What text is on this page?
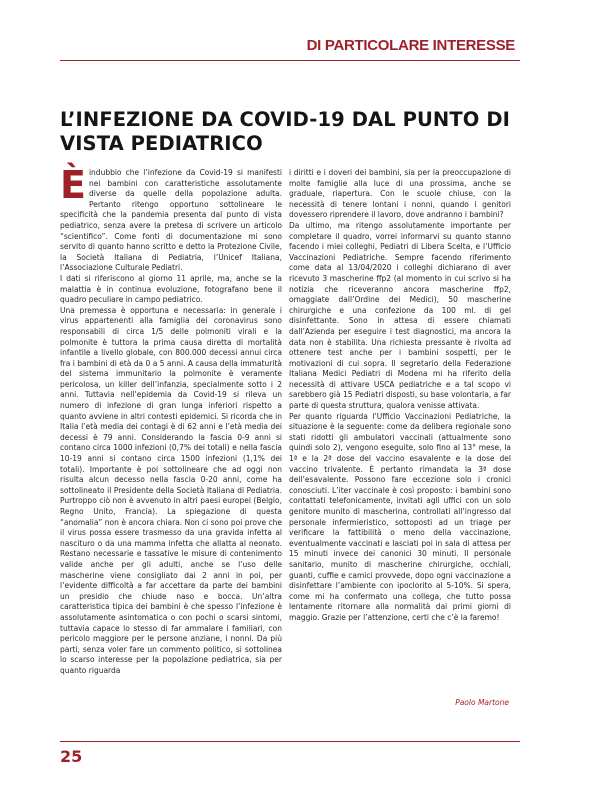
DI PARTICOLARE INTERESSE
L’INFEZIONE DA COVID-19 DAL PUNTO DI VISTA PEDIATRICO

È indubbio che l’infezione da Covid-19 si manifesti nei bambini con caratteristiche assolutamente diverse da quelle della popolazione adulta. Pertanto ritengo opportuno sottolineare le specificità che la pandemia presenta dal punto di vista pediatrico, senza avere la pretesa di scrivere un articolo “scientifico”. Come fonti di documentazione mi sono servito di quanto hanno scritto e detto la Protezione Civile, la Società Italiana di Pediatria, l’Unicef Italiana, l’Associazione Culturale Pediatri.

I dati si riferiscono al giorno 11 aprile, ma, anche se la malattia è in continua evoluzione, fotografano bene il quadro peculiare in campo pediatrico.

Una premessa è opportuna e necessaria: in generale i virus appartenenti alla famiglia dei coronavirus sono responsabili di circa 1/5 delle polmoniti virali e la polmonite è tuttora la prima causa diretta di mortalità infantile a livello globale, con 800.000 decessi annui circa fra i bambini di età da 0 a 5 anni. A causa della immaturità del sistema immunitario la polmonite è veramente pericolosa, un killer dell’infanzia, specialmente sotto i 2 anni. Tuttavia nell’epidemia da Covid-19 si rileva un numero di infezione di gran lunga inferiori rispetto a quanto avviene in altri contesti epidemici. Si ricorda che in Italia l’età media dei contagi è di 62 anni e l’età media dei decessi è 79 anni. Considerando la fascia 0-9 anni si contano circa 1000 infezioni (0,7% dei totali) e nella fascia 10-19 anni si contano circa 1500 infezioni (1,1% dei totali). Importante è poi sottolineare che ad oggi non risulta alcun decesso nella fascia 0-20 anni, come ha sottolineato il Presidente della Società Italiana di Pediatria. Purtroppo ciò non è avvenuto in altri paesi europei (Belgio, Regno Unito, Francia). La spiegazione di questa “anomalia” non è ancora chiara. Non ci sono poi prove che il virus possa essere trasmesso da una gravida infetta al nascituro o da una mamma infetta che allatta al neonato. Restano necessarie e tassative le misure di contenimento valide anche per gli adulti, anche se l’uso delle mascherine viene consigliato dai 2 anni in poi, per l’evidente difficoltà a far accettare da parte dei bambini un presidio che chiude naso e bocca. Un’altra caratteristica tipica dei bambini è che spesso l’infezione è assolutamente asintomatica o con pochi o scarsi sintomi, tuttavia capace lo stesso di far ammalare i familiari, con pericolo maggiore per le persone anziane, i nonni. Da più parti, senza voler fare un commento politico, si sottolinea lo scarso interesse per la popolazione pediatrica, sia per quanto riguarda

i diritti e i doveri dei bambini, sia per la preoccupazione di molte famiglie alla luce di una prossima, anche se graduale, riapertura. Con le scuole chiuse, con la necessità di tenere lontani i nonni, quando i genitori dovessero riprendere il lavoro, dove andranno i bambini?

Da ultimo, ma ritengo assolutamente importante per completare il quadro, vorrei informarvi su quanto stanno facendo i miei colleghi, Pediatri di Libera Scelta, e l’Ufficio Vaccinazioni Pediatriche. Sempre facendo riferimento come data al 13/04/2020 i colleghi dichiarano di aver ricevuto 3 mascherine ffp2 (al momento in cui scrivo si ha notizia che riceveranno ancora mascherine ffp2, omaggiate dall’Ordine dei Medici), 50 mascherine chirurgiche e una confezione da 100 ml. di gel disinfettante. Sono in attesa di essere chiamati dall’Azienda per eseguire i test diagnostici, ma ancora la data non è stabilita. Una richiesta pressante è rivolta ad ottenere test anche per i bambini sospetti, per le motivazioni di cui sopra. Il segretario della Federazione Italiana Medici Pediatri di Modena mi ha riferito della necessità di attivare USCA pediatriche e a tal scopo vi sarebbero già 15 Pediatri disposti, su base volontaria, a far parte di questa struttura, qualora venisse attivata.

Per quanto riguarda l’Ufficio Vaccinazioni Pediatriche, la situazione è la seguente: come da delibera regionale sono stati ridotti gli ambulatori vaccinali (attualmente sono quindi solo 2), vengono eseguite, solo fino al 13° mese, la 1ª e la 2ª dose del vaccino esavalente e la dose del vaccino trivalente. È pertanto rimandata la 3ª dose dell’esavalente. Possono fare eccezione solo i cronici conosciuti. L’iter vaccinale è così proposto: i bambini sono contattati telefonicamente, invitati agli uffici con un solo genitore munito di mascherina, controllati all’ingresso dal personale infermieristico, sottoposti ad un triage per verificare la fattibilità o meno della vaccinazione, eventualmente vaccinati e lasciati poi in sala di attesa per 15 minuti invece dei canonici 30 minuti. Il personale sanitario, munito di mascherine chirurgiche, occhiali, guanti, cuffie e camici provvede, dopo ogni vaccinazione a disinfettare l’ambiente con ipoclorito al 5-10%. Si spera, come mi ha confermato una collega, che tutto possa lentamente ritornare alla normalità dai primi giorni di maggio. Grazie per l’attenzione, certi che c’è la faremo!

Paolo Martone
25
